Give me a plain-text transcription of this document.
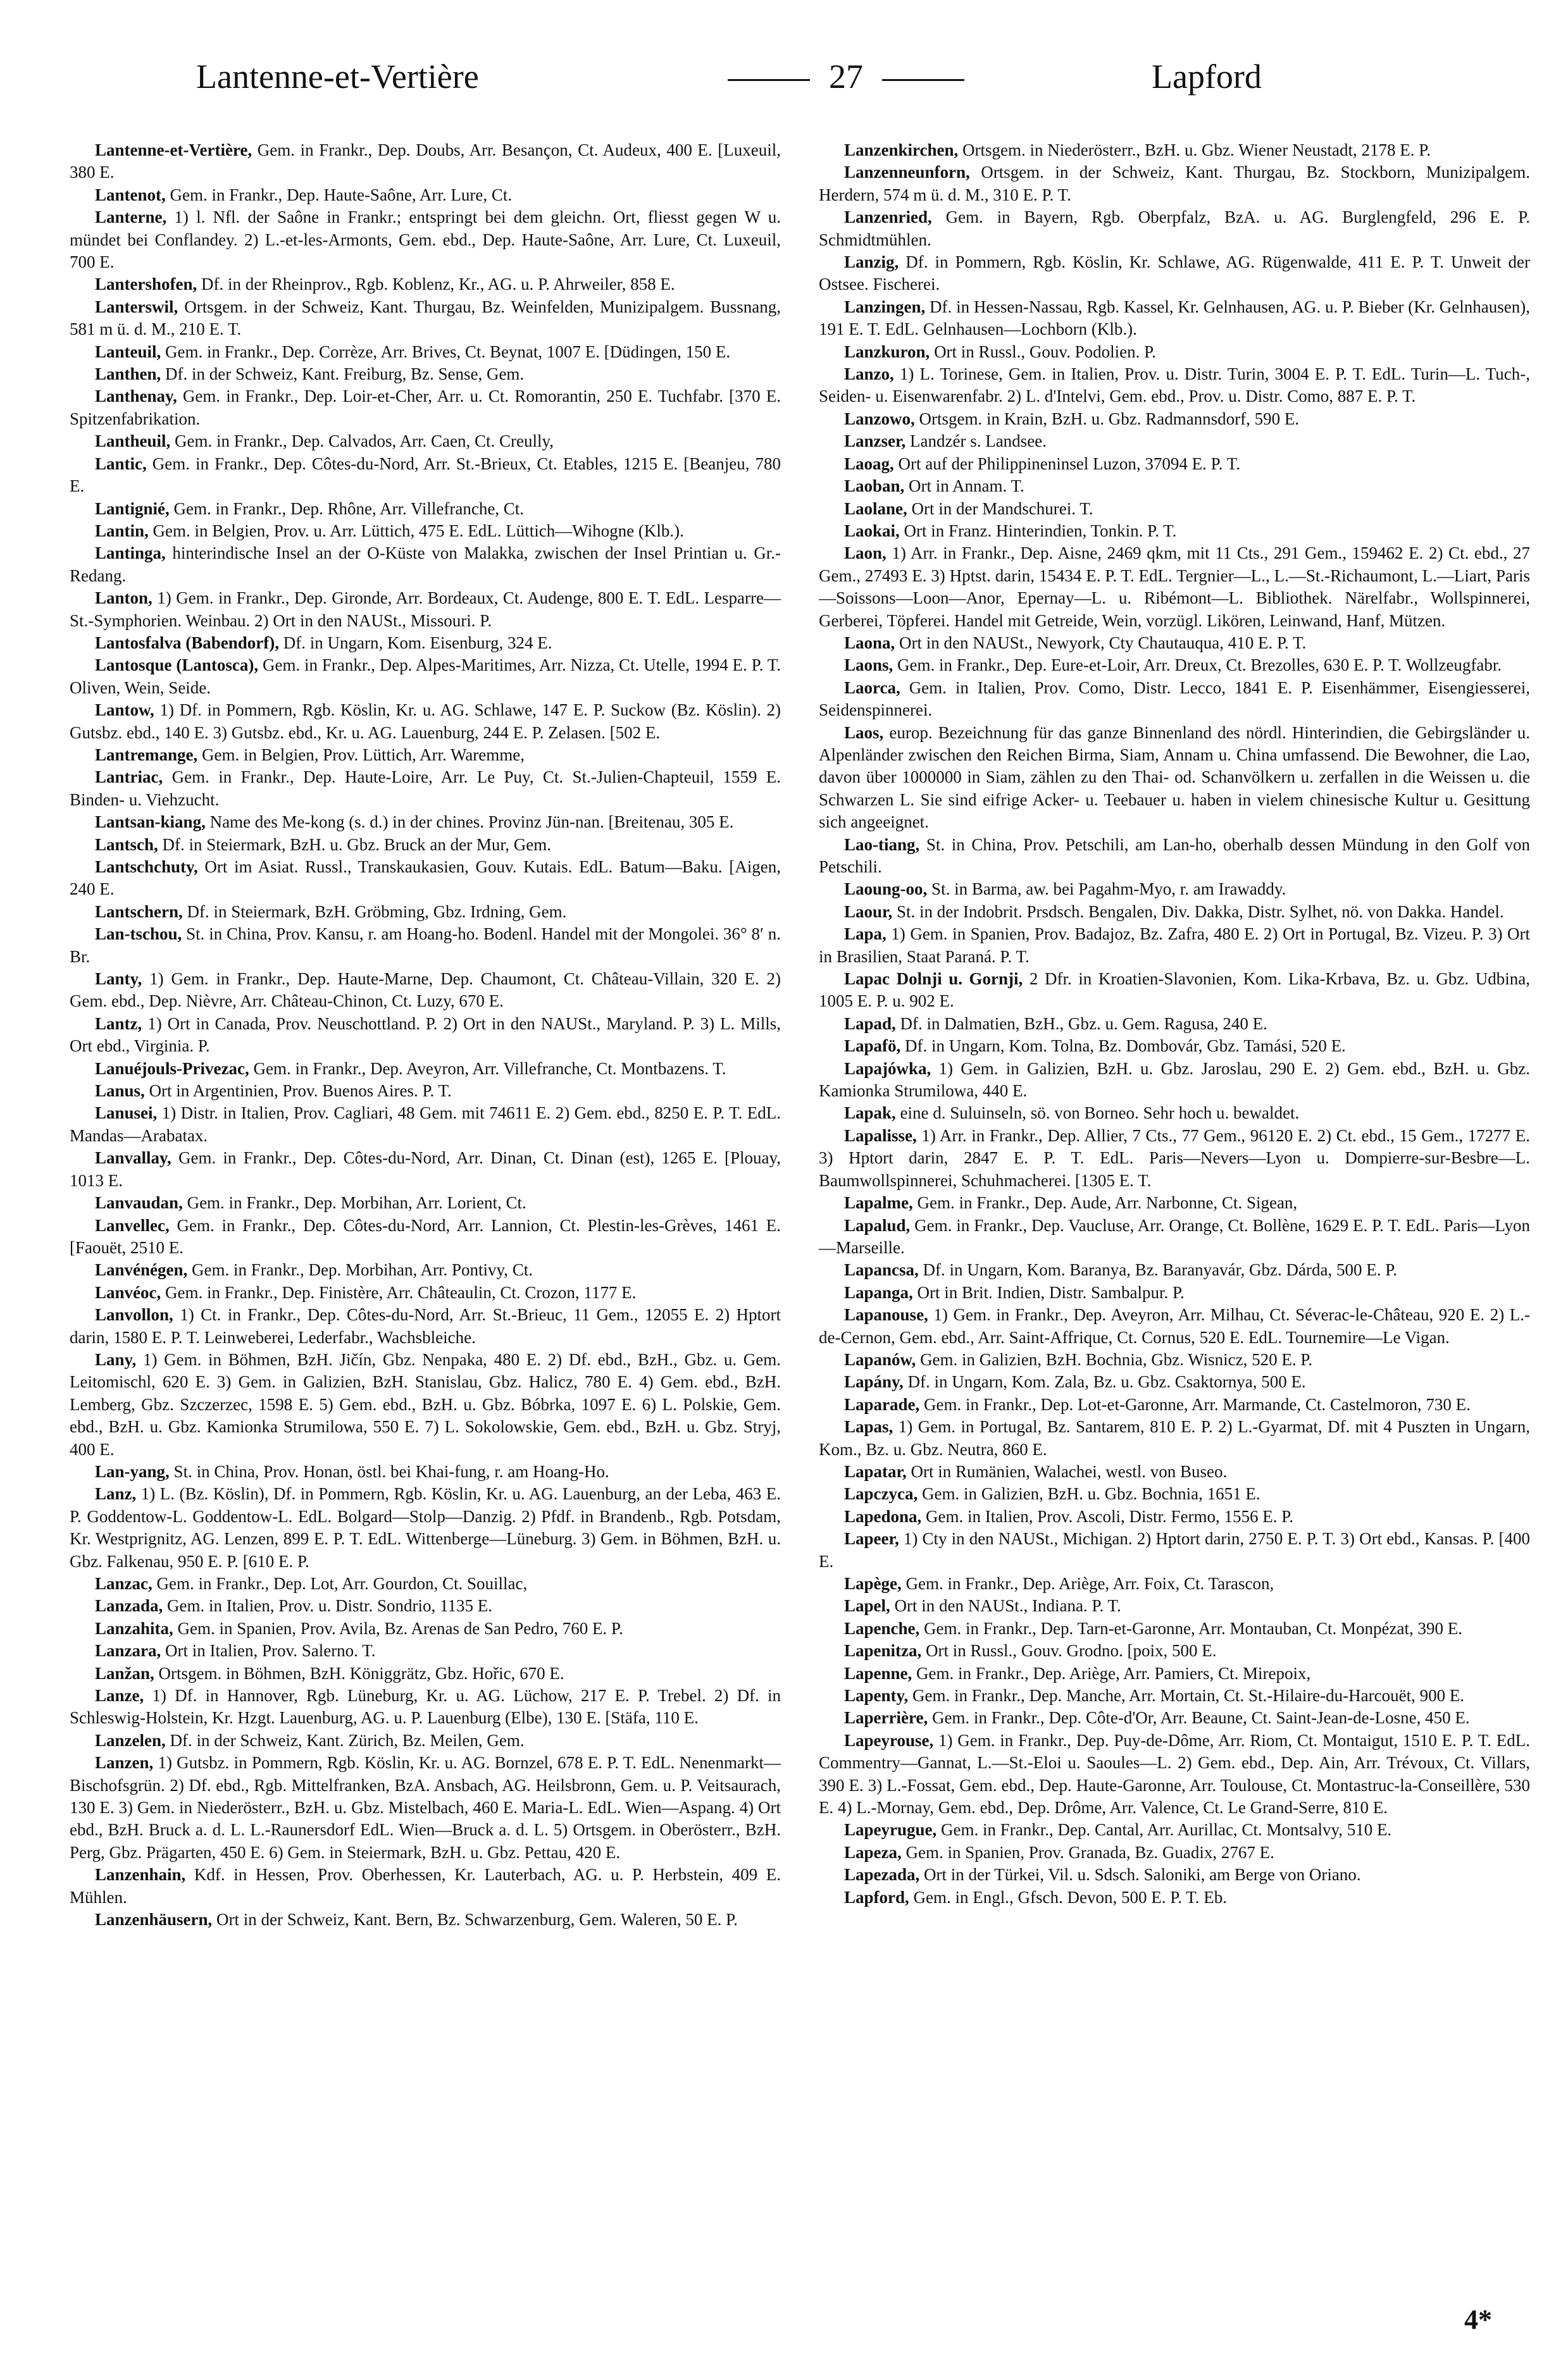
Lantenne-et-Vertière	27	Lapford

Lantenne-et-Vertière, Gem. in Frankr., Dep. Doubs, Arr. Besançon, Ct. Audeux, 400 E. [Luxeuil, 380 E.

Lantenot, Gem. in Frankr., Dep. Haute-Saône, Arr. Lure, Ct.

Lanterne, 1) l. Nfl. der Saône in Frankr.; entspringt bei dem gleichn. Ort, fliesst gegen W u. mündet bei Conflandey. 2) L.-et-les-Armonts, Gem. ebd., Dep. Haute-Saône, Arr. Lure, Ct. Luxeuil, 700 E.

Lantershofen, Df. in der Rheinprov., Rgb. Koblenz, Kr., AG. u. P. Ahrweiler, 858 E.

Lanterswil, Ortsgem. in der Schweiz, Kant. Thurgau, Bz. Weinfelden, Munizipalgem. Bussnang, 581 m ü. d. M., 210 E. T.

Lanteuil, Gem. in Frankr., Dep. Corrèze, Arr. Brives, Ct. Beynat, 1007 E. [Düdingen, 150 E.

Lanthen, Df. in der Schweiz, Kant. Freiburg, Bz. Sense, Gem.

Lanthenay, Gem. in Frankr., Dep. Loir-et-Cher, Arr. u. Ct. Romorantin, 250 E. Tuchfabr. [370 E. Spitzenfabrikation.

Lantheuil, Gem. in Frankr., Dep. Calvados, Arr. Caen, Ct. Creully,

Lantic, Gem. in Frankr., Dep. Côtes-du-Nord, Arr. St.-Brieux, Ct. Etables, 1215 E. [Beanjeu, 780 E.

Lantignié, Gem. in Frankr., Dep. Rhône, Arr. Villefranche, Ct.

Lantin, Gem. in Belgien, Prov. u. Arr. Lüttich, 475 E. EdL. Lüttich—Wihogne (Klb.).

Lantinga, hinterindische Insel an der O-Küste von Malakka, zwischen der Insel Printian u. Gr.-Redang.

Lanton, 1) Gem. in Frankr., Dep. Gironde, Arr. Bordeaux, Ct. Audenge, 800 E. T. EdL. Lesparre—St.-Symphorien. Weinbau. 2) Ort in den NAUSt., Missouri. P.

Lantosfalva (Babendorf), Df. in Ungarn, Kom. Eisenburg, 324 E.

Lantosque (Lantosca), Gem. in Frankr., Dep. Alpes-Maritimes, Arr. Nizza, Ct. Utelle, 1994 E. P. T. Oliven, Wein, Seide.

Lantow, 1) Df. in Pommern, Rgb. Köslin, Kr. u. AG. Schlawe, 147 E. P. Suckow (Bz. Köslin). 2) Gutsbz. ebd., 140 E. 3) Gutsbz. ebd., Kr. u. AG. Lauenburg, 244 E. P. Zelasen. [502 E.

Lantremange, Gem. in Belgien, Prov. Lüttich, Arr. Waremme,

Lantriac, Gem. in Frankr., Dep. Haute-Loire, Arr. Le Puy, Ct. St.-Julien-Chapteuil, 1559 E. Binden- u. Viehzucht.

Lantsan-kiang, Name des Me-kong (s. d.) in der chines. Provinz Jün-nan. [Breitenau, 305 E.

Lantsch, Df. in Steiermark, BzH. u. Gbz. Bruck an der Mur, Gem.

Lantschchuty, Ort im Asiat. Russl., Transkaukasien, Gouv. Kutais. EdL. Batum—Baku. [Aigen, 240 E.

Lantschern, Df. in Steiermark, BzH. Gröbming, Gbz. Irdning, Gem.

Lan-tschou, St. in China, Prov. Kansu, r. am Hoang-ho. Bodenl. Handel mit der Mongolei. 36° 8′ n. Br.

Lanty, 1) Gem. in Frankr., Dep. Haute-Marne, Dep. Chaumont, Ct. Château-Villain, 320 E. 2) Gem. ebd., Dep. Nièvre, Arr. Château-Chinon, Ct. Luzy, 670 E.

Lantz, 1) Ort in Canada, Prov. Neuschottland. P. 2) Ort in den NAUSt., Maryland. P. 3) L. Mills, Ort ebd., Virginia. P.

Lanuéjouls-Privezac, Gem. in Frankr., Dep. Aveyron, Arr. Villefranche, Ct. Montbazens. T.

Lanus, Ort in Argentinien, Prov. Buenos Aires. P. T.

Lanusei, 1) Distr. in Italien, Prov. Cagliari, 48 Gem. mit 74611 E. 2) Gem. ebd., 8250 E. P. T. EdL. Mandas—Arabatax.

Lanvallay, Gem. in Frankr., Dep. Côtes-du-Nord, Arr. Dinan, Ct. Dinan (est), 1265 E. [Plouay, 1013 E.

Lanvaudan, Gem. in Frankr., Dep. Morbihan, Arr. Lorient, Ct.

Lanvellec, Gem. in Frankr., Dep. Côtes-du-Nord, Arr. Lannion, Ct. Plestin-les-Grèves, 1461 E. [Faouët, 2510 E.

Lanvénégen, Gem. in Frankr., Dep. Morbihan, Arr. Pontivy, Ct.

Lanvéoc, Gem. in Frankr., Dep. Finistère, Arr. Châteaulin, Ct. Crozon, 1177 E.

Lanvollon, 1) Ct. in Frankr., Dep. Côtes-du-Nord, Arr. St.-Brieuc, 11 Gem., 12055 E. 2) Hptort darin, 1580 E. P. T. Leinweberei, Lederfabr., Wachsbleiche.

Lany, 1) Gem. in Böhmen, BzH. Jičín, Gbz. Nenpaka, 480 E. 2) Df. ebd., BzH., Gbz. u. Gem. Leitomischl, 620 E. 3) Gem. in Galizien, BzH. Stanislau, Gbz. Halicz, 780 E. 4) Gem. ebd., BzH. Lemberg, Gbz. Szczerzec, 1598 E. 5) Gem. ebd., BzH. u. Gbz. Bóbrka, 1097 E. 6) L. Polskie, Gem. ebd., BzH. u. Gbz. Kamionka Strumilowa, 550 E. 7) L. Sokolowskie, Gem. ebd., BzH. u. Gbz. Stryj, 400 E.

Lan-yang, St. in China, Prov. Honan, östl. bei Khai-fung, r. am Hoang-Ho.

Lanz, 1) L. (Bz. Köslin), Df. in Pommern, Rgb. Köslin, Kr. u. AG. Lauenburg, an der Leba, 463 E. P. Goddentow-L. Goddentow-L. EdL. Bolgard—Stolp—Danzig. 2) Pfdf. in Brandenb., Rgb. Potsdam, Kr. Westprignitz, AG. Lenzen, 899 E. P. T. EdL. Wittenberge—Lüneburg. 3) Gem. in Böhmen, BzH. u. Gbz. Falkenau, 950 E. P. [610 E. P.

Lanzac, Gem. in Frankr., Dep. Lot, Arr. Gourdon, Ct. Souillac,

Lanzada, Gem. in Italien, Prov. u. Distr. Sondrio, 1135 E.

Lanzahita, Gem. in Spanien, Prov. Avila, Bz. Arenas de San Pedro, 760 E. P.

Lanzara, Ort in Italien, Prov. Salerno. T.

Lanžan, Ortsgem. in Böhmen, BzH. Königgrätz, Gbz. Hořic, 670 E.

Lanze, 1) Df. in Hannover, Rgb. Lüneburg, Kr. u. AG. Lüchow, 217 E. P. Trebel. 2) Df. in Schleswig-Holstein, Kr. Hzgt. Lauenburg, AG. u. P. Lauenburg (Elbe), 130 E. [Stäfa, 110 E.

Lanzelen, Df. in der Schweiz, Kant. Zürich, Bz. Meilen, Gem.

Lanzen, 1) Gutsbz. in Pommern, Rgb. Köslin, Kr. u. AG. Bornzel, 678 E. P. T. EdL. Nenenmarkt—Bischofsgrün. 2) Df. ebd., Rgb. Mittelfranken, BzA. Ansbach, AG. Heilsbronn, Gem. u. P. Veitsaurach, 130 E. 3) Gem. in Niederösterr., BzH. u. Gbz. Mistelbach, 460 E. Maria-L. EdL. Wien—Aspang. 4) Ort ebd., BzH. Bruck a. d. L. L.-Raunersdorf EdL. Wien—Bruck a. d. L. 5) Ortsgem. in Oberösterr., BzH. Perg, Gbz. Prägarten, 450 E. 6) Gem. in Steiermark, BzH. u. Gbz. Pettau, 420 E.

Lanzenhain, Kdf. in Hessen, Prov. Oberhessen, Kr. Lauterbach, AG. u. P. Herbstein, 409 E. Mühlen.

Lanzenhäusern, Ort in der Schweiz, Kant. Bern, Bz. Schwarzenburg, Gem. Waleren, 50 E. P.

Lanzenkirchen, Ortsgem. in Niederösterr., BzH. u. Gbz. Wiener Neustadt, 2178 E. P.

Lanzenneunforn, Ortsgem. in der Schweiz, Kant. Thurgau, Bz. Stockborn, Munizipalgem. Herdern, 574 m ü. d. M., 310 E. P. T.

Lanzenried, Gem. in Bayern, Rgb. Oberpfalz, BzA. u. AG. Burglengfeld, 296 E. P. Schmidtmühlen.

Lanzig, Df. in Pommern, Rgb. Köslin, Kr. Schlawe, AG. Rügenwalde, 411 E. P. T. Unweit der Ostsee. Fischerei.

Lanzingen, Df. in Hessen-Nassau, Rgb. Kassel, Kr. Gelnhausen, AG. u. P. Bieber (Kr. Gelnhausen), 191 E. T. EdL. Gelnhausen—Lochborn (Klb.).

Lanzkuron, Ort in Russl., Gouv. Podolien. P.

Lanzo, 1) L. Torinese, Gem. in Italien, Prov. u. Distr. Turin, 3004 E. P. T. EdL. Turin—L. Tuch-, Seiden- u. Eisenwarenfabr. 2) L. d'Intelvi, Gem. ebd., Prov. u. Distr. Como, 887 E. P. T.

Lanzowo, Ortsgem. in Krain, BzH. u. Gbz. Radmannsdorf, 590 E.

Lanzser, Landzér s. Landsee.

Laoag, Ort auf der Philippineninsel Luzon, 37094 E. P. T.

Laoban, Ort in Annam. T.

Laolane, Ort in der Mandschurei. T.

Laokai, Ort in Franz. Hinterindien, Tonkin. P. T.

Laon, 1) Arr. in Frankr., Dep. Aisne, 2469 qkm, mit 11 Cts., 291 Gem., 159462 E. 2) Ct. ebd., 27 Gem., 27493 E. 3) Hptst. darin, 15434 E. P. T. EdL. Tergnier—L., L.—St.-Richaumont, L.—Liart, Paris—Soissons—Loon—Anor, Epernay—L. u. Ribémont—L. Bibliothek. Närelfabr., Wollspinnerei, Gerberei, Töpferei. Handel mit Getreide, Wein, vorzügl. Likören, Leinwand, Hanf, Mützen.

Laona, Ort in den NAUSt., Newyork, Cty Chautauqua, 410 E. P. T.

Laons, Gem. in Frankr., Dep. Eure-et-Loir, Arr. Dreux, Ct. Brezolles, 630 E. P. T. Wollzeugfabr.

Laorca, Gem. in Italien, Prov. Como, Distr. Lecco, 1841 E. P. Eisenhämmer, Eisengiesserei, Seidenspinnerei.

Laos, europ. Bezeichnung für das ganze Binnenland des nördl. Hinterindien, die Gebirgsländer u. Alpenländer zwischen den Reichen Birma, Siam, Annam u. China umfassend. Die Bewohner, die Lao, davon über 1000000 in Siam, zählen zu den Thai- od. Schanvölkern u. zerfallen in die Weissen u. die Schwarzen L. Sie sind eifrige Acker- u. Teebauer u. haben in vielem chinesische Kultur u. Gesittung sich angeeignet.

Lao-tiang, St. in China, Prov. Petschili, am Lan-ho, oberhalb dessen Mündung in den Golf von Petschili.

Laoung-oo, St. in Barma, aw. bei Pagahm-Myo, r. am Irawaddy.

Laour, St. in der Indobrit. Prsdsch. Bengalen, Div. Dakka, Distr. Sylhet, nö. von Dakka. Handel.

Lapa, 1) Gem. in Spanien, Prov. Badajoz, Bz. Zafra, 480 E. 2) Ort in Portugal, Bz. Vizeu. P. 3) Ort in Brasilien, Staat Paraná. P. T.

Lapac Dolnji u. Gornji, 2 Dfr. in Kroatien-Slavonien, Kom. Lika-Krbava, Bz. u. Gbz. Udbina, 1005 E. P. u. 902 E.

Lapad, Df. in Dalmatien, BzH., Gbz. u. Gem. Ragusa, 240 E.

Lapafö, Df. in Ungarn, Kom. Tolna, Bz. Dombovár, Gbz. Tamási, 520 E.

Lapajówka, 1) Gem. in Galizien, BzH. u. Gbz. Jaroslau, 290 E. 2) Gem. ebd., BzH. u. Gbz. Kamionka Strumilowa, 440 E.

Lapak, eine d. Suluinseln, sö. von Borneo. Sehr hoch u. bewaldet.

Lapalisse, 1) Arr. in Frankr., Dep. Allier, 7 Cts., 77 Gem., 96120 E. 2) Ct. ebd., 15 Gem., 17277 E. 3) Hptort darin, 2847 E. P. T. EdL. Paris—Nevers—Lyon u. Dompierre-sur-Besbre—L. Baumwollspinnerei, Schuhmacherei. [1305 E. T.

Lapalme, Gem. in Frankr., Dep. Aude, Arr. Narbonne, Ct. Sigean,

Lapalud, Gem. in Frankr., Dep. Vaucluse, Arr. Orange, Ct. Bollène, 1629 E. P. T. EdL. Paris—Lyon—Marseille.

Lapancsa, Df. in Ungarn, Kom. Baranya, Bz. Baranyavár, Gbz. Dárda, 500 E. P.

Lapanga, Ort in Brit. Indien, Distr. Sambalpur. P.

Lapanouse, 1) Gem. in Frankr., Dep. Aveyron, Arr. Milhau, Ct. Séverac-le-Château, 920 E. 2) L.-de-Cernon, Gem. ebd., Arr. Saint-Affrique, Ct. Cornus, 520 E. EdL. Tournemire—Le Vigan.

Lapanów, Gem. in Galizien, BzH. Bochnia, Gbz. Wisnicz, 520 E. P.

Lapány, Df. in Ungarn, Kom. Zala, Bz. u. Gbz. Csaktornya, 500 E.

Laparade, Gem. in Frankr., Dep. Lot-et-Garonne, Arr. Marmande, Ct. Castelmoron, 730 E.

Lapas, 1) Gem. in Portugal, Bz. Santarem, 810 E. P. 2) L.-Gyarmat, Df. mit 4 Puszten in Ungarn, Kom., Bz. u. Gbz. Neutra, 860 E.

Lapatar, Ort in Rumänien, Walachei, westl. von Buseo.

Lapczyca, Gem. in Galizien, BzH. u. Gbz. Bochnia, 1651 E.

Lapedona, Gem. in Italien, Prov. Ascoli, Distr. Fermo, 1556 E. P.

Lapeer, 1) Cty in den NAUSt., Michigan. 2) Hptort darin, 2750 E. P. T. 3) Ort ebd., Kansas. P. [400 E.

Lapège, Gem. in Frankr., Dep. Ariège, Arr. Foix, Ct. Tarascon,

Lapel, Ort in den NAUSt., Indiana. P. T.

Lapenche, Gem. in Frankr., Dep. Tarn-et-Garonne, Arr. Montauban, Ct. Monpézat, 390 E.

Lapenitza, Ort in Russl., Gouv. Grodno. [poix, 500 E.

Lapenne, Gem. in Frankr., Dep. Ariège, Arr. Pamiers, Ct. Mirepoix,

Lapenty, Gem. in Frankr., Dep. Manche, Arr. Mortain, Ct. St.-Hilaire-du-Harcouët, 900 E.

Laperrière, Gem. in Frankr., Dep. Côte-d'Or, Arr. Beaune, Ct. Saint-Jean-de-Losne, 450 E.

Lapeyrouse, 1) Gem. in Frankr., Dep. Puy-de-Dôme, Arr. Riom, Ct. Montaigut, 1510 E. P. T. EdL. Commentry—Gannat, L.—St.-Eloi u. Saoules—L. 2) Gem. ebd., Dep. Ain, Arr. Trévoux, Ct. Villars, 390 E. 3) L.-Fossat, Gem. ebd., Dep. Haute-Garonne, Arr. Toulouse, Ct. Montastruc-la-Conseillère, 530 E. 4) L.-Mornay, Gem. ebd., Dep. Drôme, Arr. Valence, Ct. Le Grand-Serre, 810 E.

Lapeyrugue, Gem. in Frankr., Dep. Cantal, Arr. Aurillac, Ct. Montsalvy, 510 E.

Lapeza, Gem. in Spanien, Prov. Granada, Bz. Guadix, 2767 E.

Lapezada, Ort in der Türkei, Vil. u. Sdsch. Saloniki, am Berge von Oriano.

Lapford, Gem. in Engl., Gfsch. Devon, 500 E. P. T. Eb.

4*
